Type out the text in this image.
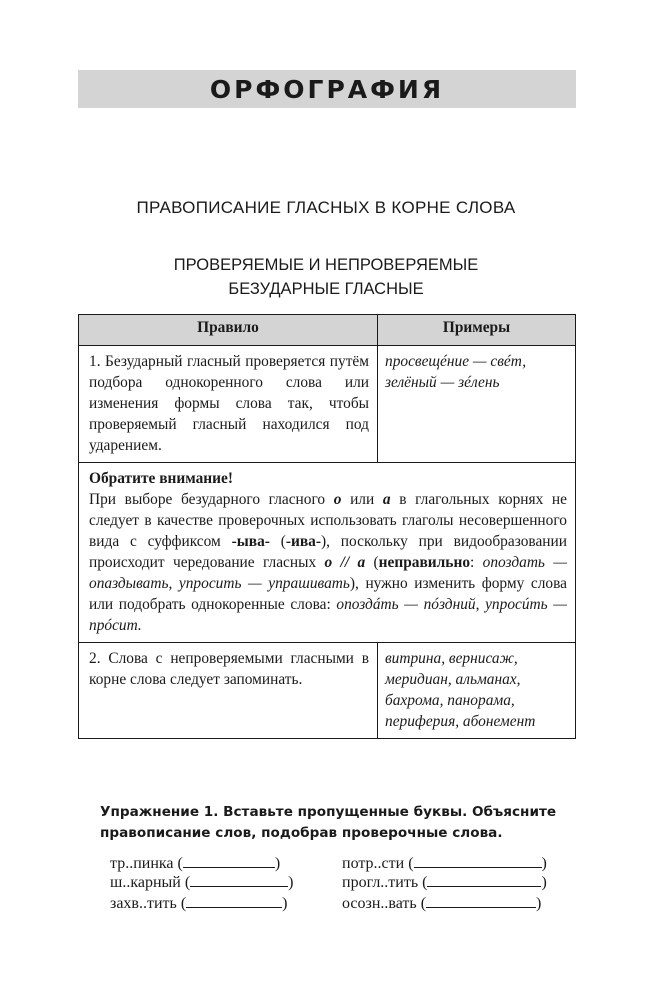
ОРФОГРАФИЯ
ПРАВОПИСАНИЕ ГЛАСНЫХ В КОРНЕ СЛОВА
ПРОВЕРЯЕМЫЕ И НЕПРОВЕРЯЕМЫЕ
БЕЗУДАРНЫЕ ГЛАСНЫЕ
Правило	Примеры
1. Безударный гласный проверяется путём подбора однокоренного слова или изменения формы слова так, чтобы проверяемый гласный находился под ударением.	просвещéние — свéт,
зелёный — зéлень

Обратите внимание!
При выборе безударного гласного о или а в глагольных корнях не следует в качестве проверочных использовать глаголы несовершенного вида с суффиксом -ыва- (-ива-), поскольку при видообразовании происходит чередование гласных о // а (неправильно: опоздать — опаздывать, упросить — упрашивать), нужно изменить форму слова или подобрать однокоренные слова: опоздáть — пóздний, упросúть — прóсит.	
2. Слова с непроверяемыми гласными в корне слова следует запоминать.	витрина, вернисаж,
меридиан, альманах,
бахрома, панорама,
периферия, абонемент
Упражнение 1. Вставьте пропущенные буквы. Объясните правописание слов, подобрав проверочные слова.
тр..пинка (	)
ш..карный (	)
захв..тить (	)
потр..сти (	)
прогл..тить (	)
осозн..вать (	)
